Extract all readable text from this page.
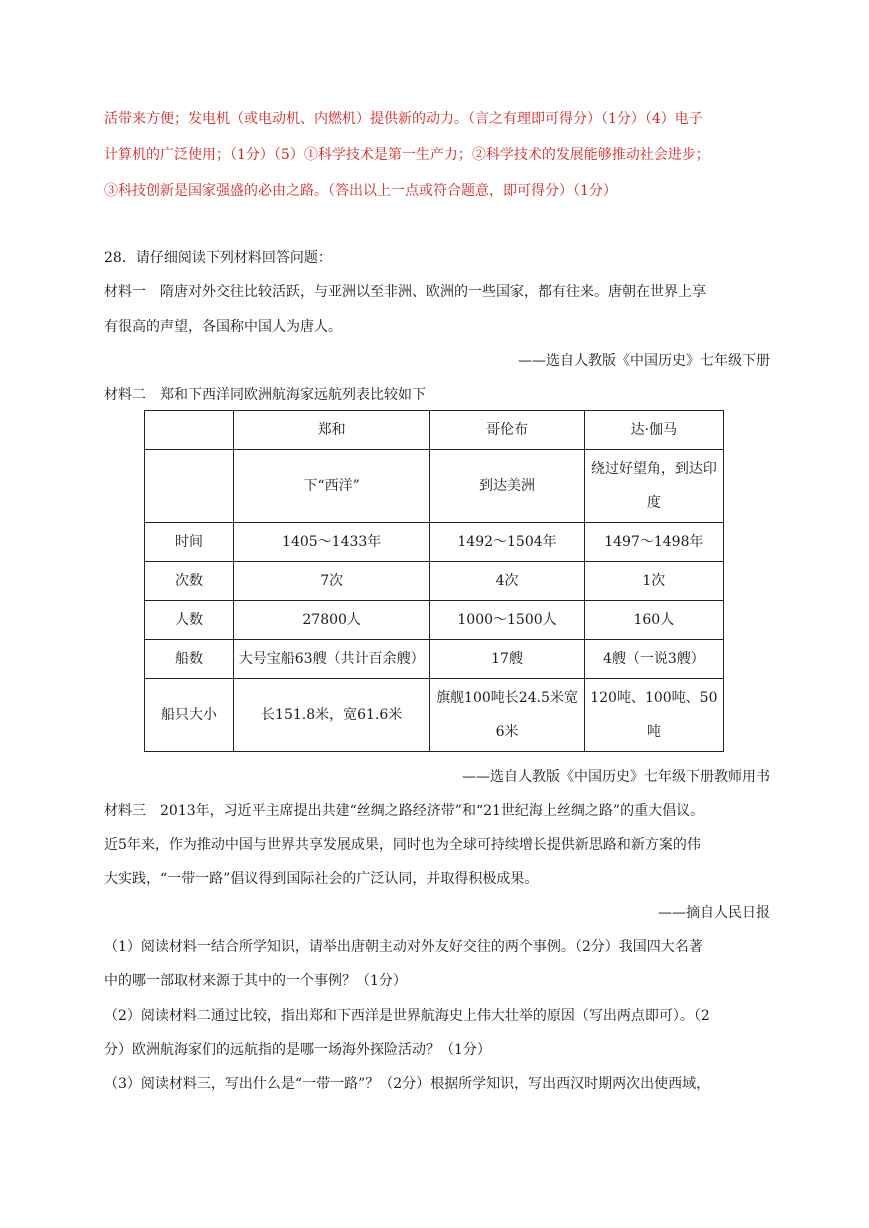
活带来方便；发电机（或电动机、内燃机）提供新的动力。（言之有理即可得分）（1分）（4）电子
计算机的广泛使用；（1分）（5）①科学技术是第一生产力；②科学技术的发展能够推动社会进步；
③科技创新是国家强盛的必由之路。（答出以上一点或符合题意，即可得分）（1分）
28．请仔细阅读下列材料回答问题：
材料一　隋唐对外交往比较活跃，与亚洲以至非洲、欧洲的一些国家，都有往来。唐朝在世界上享
有很高的声望，各国称中国人为唐人。
——选自人教版《中国历史》七年级下册
材料二　郑和下西洋同欧洲航海家远航列表比较如下
	郑和	哥伦布	达·伽马
	下“西洋”	到达美洲	绕过好望角，到达印度
时间	1405～1433年	1492～1504年	1497～1498年
次数	7次	4次	1次
人数	27800人	1000～1500人	160人
船数	大号宝船63艘（共计百余艘）	17艘	4艘（一说3艘）
船只大小	长151.8米，宽61.6米	旗舰100吨长24.5米宽6米	120吨、100吨、50吨
——选自人教版《中国历史》七年级下册教师用书
材料三　2013年，习近平主席提出共建“丝绸之路经济带”和“21世纪海上丝绸之路”的重大倡议。
近5年来，作为推动中国与世界共享发展成果，同时也为全球可持续增长提供新思路和新方案的伟
大实践，“一带一路”倡议得到国际社会的广泛认同，并取得积极成果。
——摘自人民日报
（1）阅读材料一结合所学知识，请举出唐朝主动对外友好交往的两个事例。（2分）我国四大名著
中的哪一部取材来源于其中的一个事例？（1分）
（2）阅读材料二通过比较，指出郑和下西洋是世界航海史上伟大壮举的原因（写出两点即可）。（2
分）欧洲航海家们的远航指的是哪一场海外探险活动？（1分）
（3）阅读材料三，写出什么是“一带一路”？（2分）根据所学知识，写出西汉时期两次出使西域，
